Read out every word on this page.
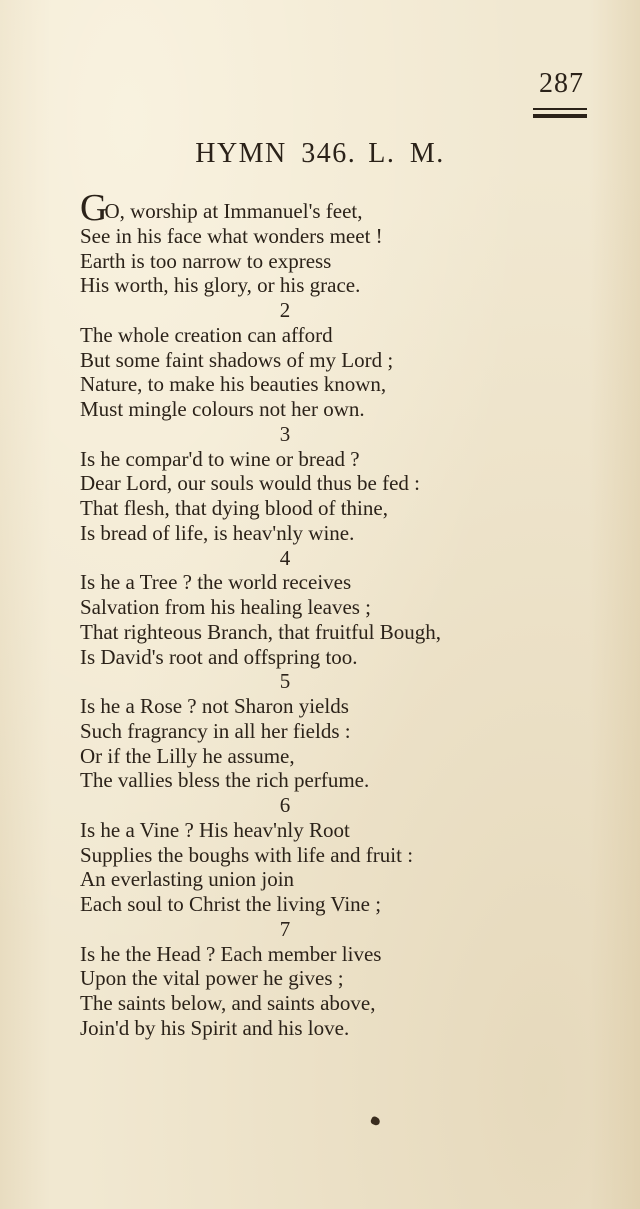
287
HYMN 346. L. M.
GO, worship at Immanuel's feet,
See in his face what wonders meet !
Earth is too narrow to express
His worth, his glory, or his grace.
2
The whole creation can afford
But some faint shadows of my Lord ;
Nature, to make his beauties known,
Must mingle colours not her own.
3
Is he compar'd to wine or bread ?
Dear Lord, our souls would thus be fed :
That flesh, that dying blood of thine,
Is bread of life, is heav'nly wine.
4
Is he a Tree ? the world receives
Salvation from his healing leaves ;
That righteous Branch, that fruitful Bough,
Is David's root and offspring too.
5
Is he a Rose ? not Sharon yields
Such fragrancy in all her fields :
Or if the Lilly he assume,
The vallies bless the rich perfume.
6
Is he a Vine ? His heav'nly Root
Supplies the boughs with life and fruit :
An everlasting union join
Each soul to Christ the living Vine ;
7
Is he the Head ? Each member lives
Upon the vital power he gives ;
The saints below, and saints above,
Join'd by his Spirit and his love.
